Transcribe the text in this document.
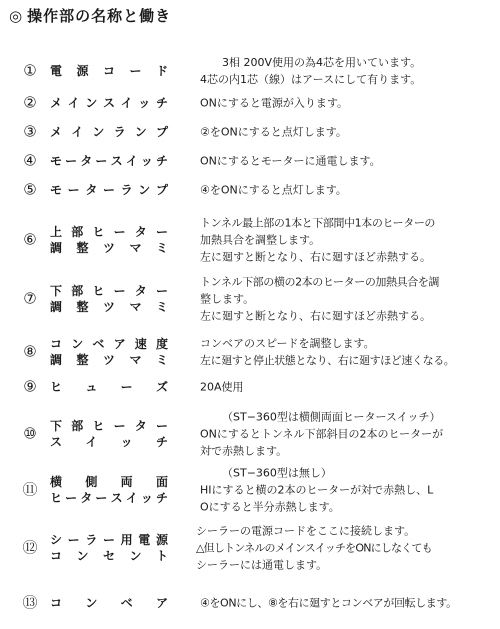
◎ 操作部の名称と働き
① 電 源 コ ー ド
3相 200V使用の為4芯を用いています。
4芯の内1芯（線）はアースにして有ります。
② メ イ ン ス イ ッ チ	ONにすると電源が入ります。
③ メ イ ン ラ ン プ	②をONにすると点灯します。
④ モ ー タ ー ス イ ッ チ	ONにするとモーターに通電します。
⑤ モ ー タ ー ラ ン プ	④をONにすると点灯します。
⑥ 上 部 ヒ ー タ ー
調 整 ツ マ ミ
トンネル最上部の1本と下部間中1本のヒーターの
加熱具合を調整します。
左に廻すと断となり、右に廻すほど赤熱する。
⑦ 下 部 ヒ ー タ ー
調 整 ツ マ ミ
トンネル下部の横の2本のヒーターの加熱具合を調
整します。
左に廻すと断となり、右に廻すほど赤熱する。
⑧ コ ン ベ ア 速 度
調 整 ツ マ ミ
コンベアのスピードを調整します。
左に廻すと停止状態となり、右に廻すほど速くなる。
⑨ ヒ ュ ー ズ	20A使用
⑩ 下 部 ヒ ー タ ー
ス イ ッ チ
（ST−360型は横側両面ヒータースイッチ）
ONにするとトンネル下部斜目の2本のヒーターが
対で赤熱します。
⑪ 横 側 両 面
ヒ ー タ ー ス イ ッ チ
（ST−360型は無し）
HIにすると横の2本のヒーターが対で赤熱し、L
Oにすると半分赤熱します。
⑫ シ ー ラ ー 用 電 源
コ ン セ ン ト
シーラーの電源コードをここに接続します。
△但しトンネルのメインスイッチをONにしなくても
シーラーには通電します。
⑬ コ ン ベ ア	④をONにし、⑧を右に廻すとコンベアが回転します。
